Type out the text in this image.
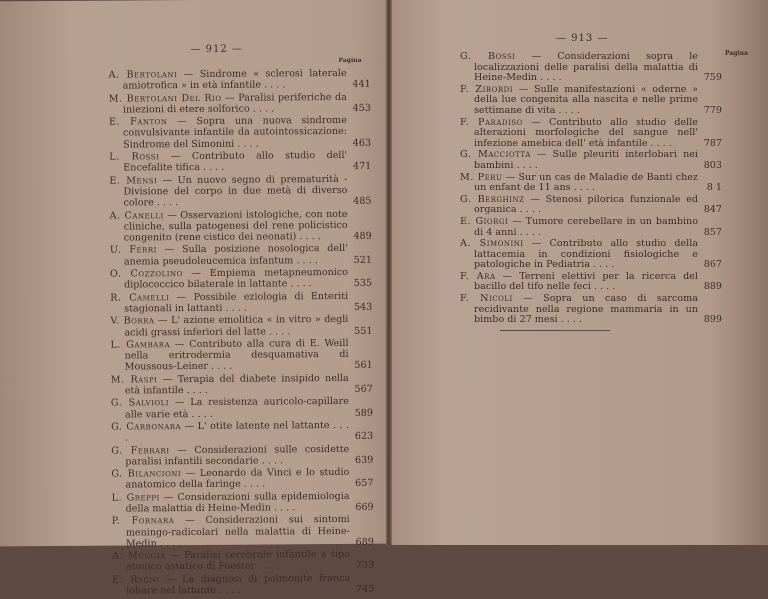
— 912 —
Pagina
A. Bertolani — Sindrome « sclerosi laterale amiotrofica » in età infantile . . . .	441
M. Bertolani Del Rio — Paralisi periferiche da iniezioni di etere solforico . . . .	453
E. Fanton — Sopra una nuova sindrome convulsivante infantile da autointossicazione: Sindrome del Simonini . . . .	463
L. Rossi — Contributo allo studio dell' Encefalite tifica . . . .	471
E. Mensi — Un nuovo segno di prematurità - Divisione del corpo in due metà di diverso colore . . . .	485
A. Canelli — Osservazioni istologiche, con note cliniche, sulla patogenesi del rene policistico congenito (rene cistico dei neonati) . . . .	489
U. Ferri — Sulla posizione nosologica dell' anemia pseudoleucemica infantum . . . .	521
O. Cozzolino — Empiema metapneumonico diplococcico bilaterale in lattante . . . .	535
R. Camelli — Possibile eziologia di Enteriti stagionali in lattanti . . . .	543
V. Borra — L' azione emolitica « in vitro » degli acidi grassi inferiori del latte . . . .	551
L. Gambara — Contributo alla cura di E. Weill nella eritrodermia desquamativa di Moussous-Leiner . . . .	561
M. Raspi — Terapia del diabete insipido nella età infantile . . . .	567
G. Salvioli — La resistenza auricolo-capillare alle varie età . . . .	589
G. Carbonara — L' otite latente nel lattante . . . .	623
G. Ferrari — Considerazioni sulle cosidette paralisi infantili secondarie . . . .	639
G. Bilancioni — Leonardo da Vinci e lo studio anatomico della faringe . . . .	657
L. Greppi — Considerazioni sulla epidemiologia della malattia di Heine-Medin . . . .	669
P. Fornara — Considerazioni sui sintomi meningo-radicolari nella malattia di Heine-Medin . . . .	689
A. Muggia — Paralisi cerebrale infantile a tipo atonico astatico di Foester . . . .	733
E. Ragni — La diagnosi di polmonite franca lobare nel lattante . . . .	745
— 913 —
Pagina
G. Bossi — Considerazioni sopra le localizzazioni delle paralisi della malattia di Heine-Medin . . . .	759
F. Zibordi — Sulle manifestazioni « oderne » della lue congenita alla nascita e nelle prime settimane di vita . . . .	779
F. Paradiso — Contributo allo studio delle alterazioni morfologiche del sangue nell' infezione amebica dell' età infantile . . . .	787
G. Macciotta — Sulle pleuriti interlobari nei bambini . . . .	803
M. Peru — Sur un cas de Maladie de Banti chez un enfant de 11 ans . . . .	8 1
G. Berghinz — Stenosi pilorica funzionale ed organica . . . .	847
E. Giorgi — Tumore cerebellare in un bambino di 4 anni . . . .	857
A. Simonini — Contributo allo studio della lattacemia in condizioni fisiologiche e patologiche in Pediatria . . . .	867
F. Ara — Terreni elettivi per la ricerca del bacillo del tifo nelle feci . . . .	889
F. Nicoli — Sopra un caso di sarcoma recidivante nella regione mammaria in un bimbo di 27 mesi . . . .	899
